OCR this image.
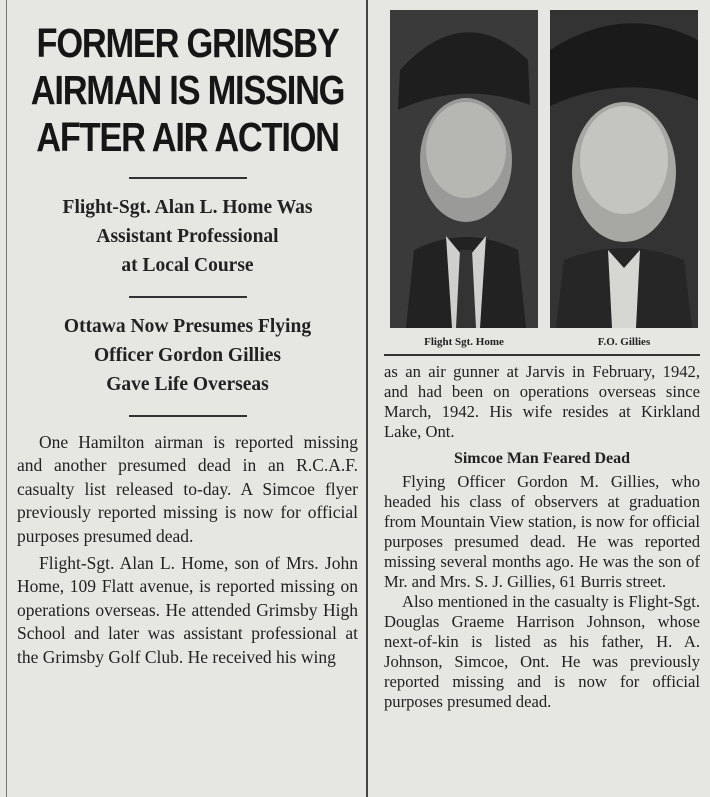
FORMER GRIMSBY
AIRMAN IS MISSING
AFTER AIR ACTION
Flight-Sgt. Alan L. Home Was
Assistant Professional
at Local Course
Ottawa Now Presumes Flying
Officer Gordon Gillies
Gave Life Overseas

One Hamilton airman is reported missing and another presumed dead in an R.C.A.F. casualty list released to-day. A Simcoe flyer previously reported missing is now for official purposes presumed dead.

Flight-Sgt. Alan L. Home, son of Mrs. John Home, 109 Flatt avenue, is reported missing on operations overseas. He attended Grimsby High School and later was assistant professional at the Grimsby Golf Club. He received his wing

Flight Sgt. Home	F.O. Gillies

as an air gunner at Jarvis in February, 1942, and had been on operations overseas since March, 1942. His wife resides at Kirkland Lake, Ont.

Simcoe Man Feared Dead

Flying Officer Gordon M. Gillies, who headed his class of observers at graduation from Mountain View station, is now for official purposes presumed dead. He was reported missing several months ago. He was the son of Mr. and Mrs. S. J. Gillies, 61 Burris street.

Also mentioned in the casualty is Flight-Sgt. Douglas Graeme Harrison Johnson, whose next-of-kin is listed as his father, H. A. Johnson, Simcoe, Ont. He was previously reported missing and is now for official purposes presumed dead.
